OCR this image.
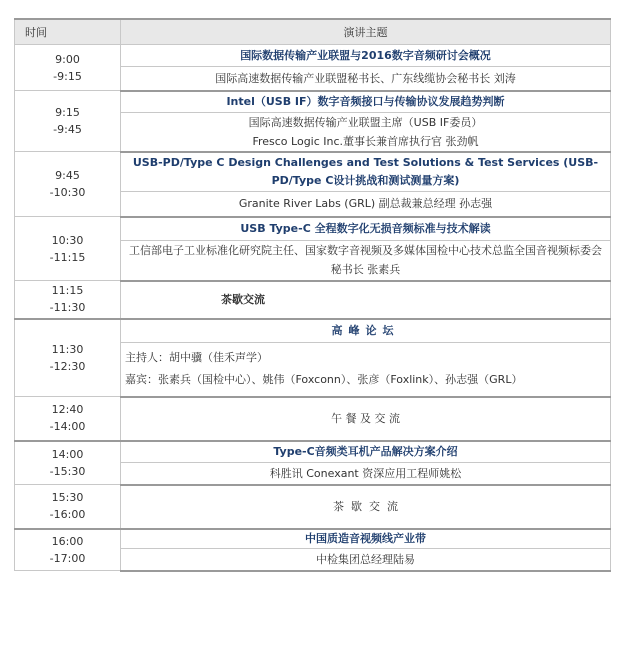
时间	演讲主题

9:00
-9:15	国际数据传输产业联盟与2016数字音频研讨会概况
	国际高速数据传输产业联盟秘书长、广东线缆协会秘书长 刘涛

9:15
-9:45	Intel（USB IF）数字音频接口与传输协议发展趋势判断
	国际高速数据传输产业联盟主席（USB IF委员）
	Fresco Logic Inc.董事长兼首席执行官 张劲帆

9:45
-10:30	USB-PD/Type C Design Challenges and Test Solutions & Test Services (USB-PD/Type C设计挑战和测试测量方案)
	Granite River Labs (GRL) 副总裁兼总经理 孙志强

10:30
-11:15	USB Type-C 全程数字化无损音频标准与技术解读
	工信部电子工业标准化研究院主任、国家数字音视频及多媒体国检中心技术总监全国音视频标委会秘书长 张素兵

11:15
-11:30	茶歇交流

11:30
-12:30	高峰论坛

	主持人：胡中骥（佳禾声学）
嘉宾：张素兵（国检中心）、姚伟（Foxconn）、张彦（Foxlink）、孙志强（GRL）

12:40
-14:00	午 餐 及 交 流

14:00
-15:30	Type-C音频类耳机产品解决方案介绍
	科胜讯 Conexant 资深应用工程师姚松

15:30
-16:00	茶  歇  交  流

16:00
-17:00	中国质造音视频线产业带
	中检集团总经理陆易
